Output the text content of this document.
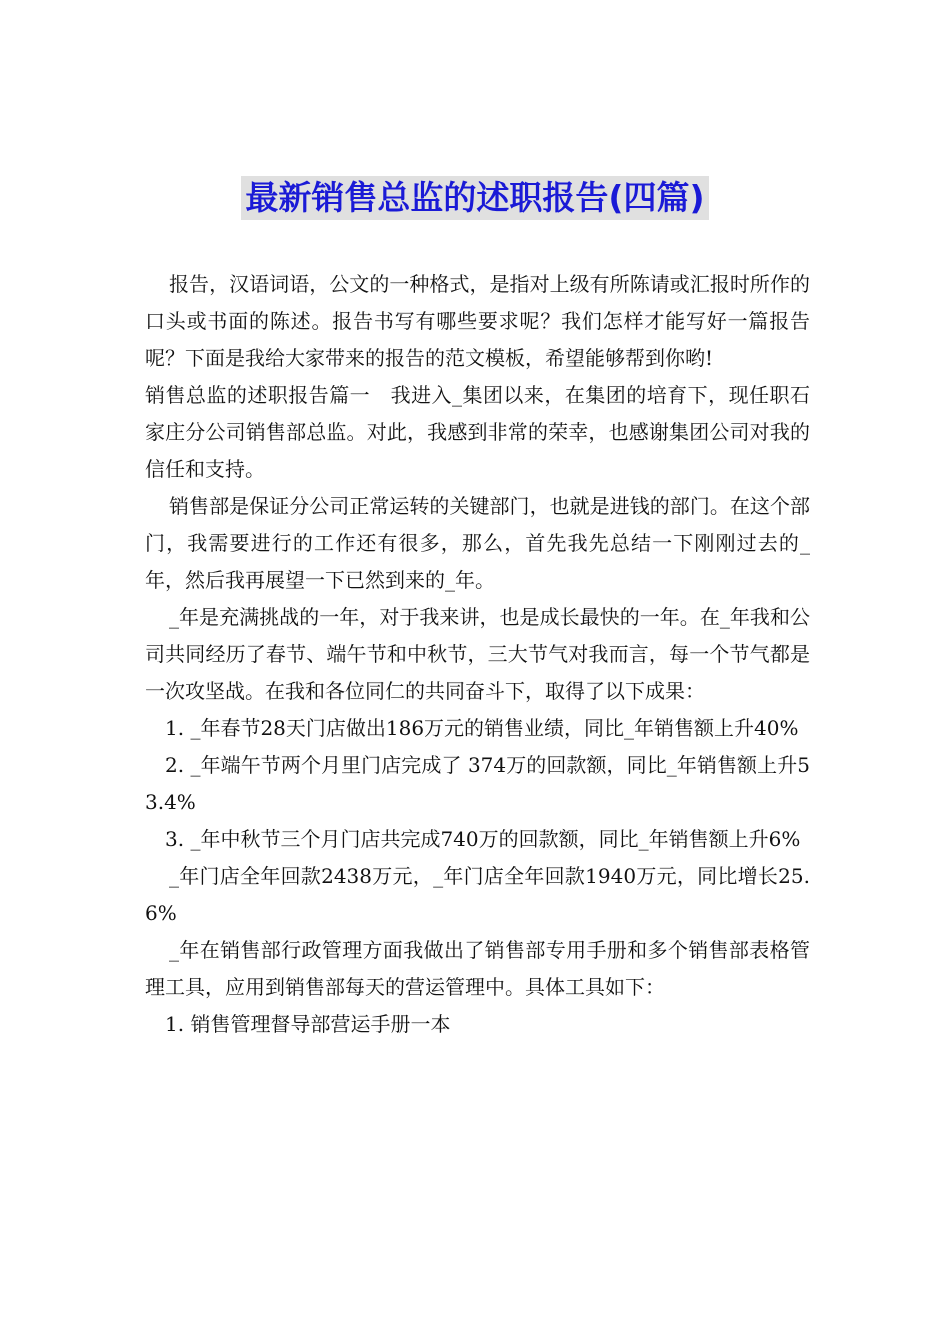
最新销售总监的述职报告(四篇)

报告，汉语词语，公文的一种格式，是指对上级有所陈请或汇报时所作的口头或书面的陈述。报告书写有哪些要求呢？我们怎样才能写好一篇报告呢？下面是我给大家带来的报告的范文模板，希望能够帮到你哟!

销售总监的述职报告篇一　我进入_集团以来，在集团的培育下，现任职石家庄分公司销售部总监。对此，我感到非常的荣幸，也感谢集团公司对我的信任和支持。

销售部是保证分公司正常运转的关键部门，也就是进钱的部门。在这个部门，我需要进行的工作还有很多，那么，首先我先总结一下刚刚过去的_年，然后我再展望一下已然到来的_年。

_年是充满挑战的一年，对于我来讲，也是成长最快的一年。在_年我和公司共同经历了春节、端午节和中秋节，三大节气对我而言，每一个节气都是一次攻坚战。在我和各位同仁的共同奋斗下，取得了以下成果：

1. _年春节28天门店做出186万元的销售业绩，同比_年销售额上升40%

2. _年端午节两个月里门店完成了 374万的回款额，同比_年销售额上升53.4%

3. _年中秋节三个月门店共完成740万的回款额，同比_年销售额上升6%

_年门店全年回款2438万元，_年门店全年回款1940万元，同比增长25.6%

_年在销售部行政管理方面我做出了销售部专用手册和多个销售部表格管理工具，应用到销售部每天的营运管理中。具体工具如下：

1. 销售管理督导部营运手册一本
